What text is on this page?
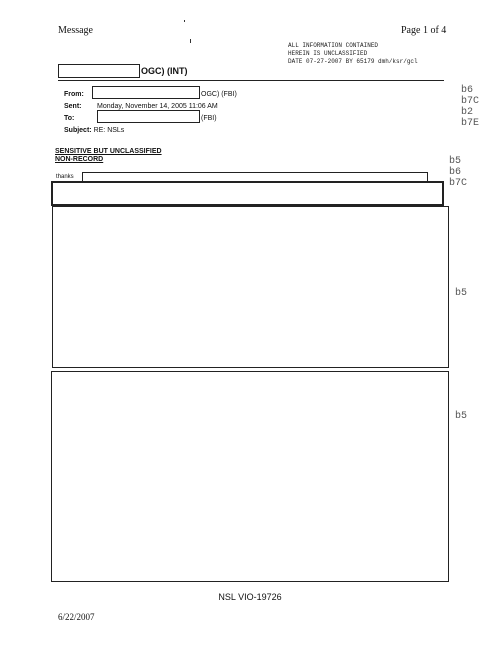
Message	Page 1 of 4
ALL INFORMATION CONTAINED
HEREIN IS UNCLASSIFIED
DATE 07-27-2007 BY 65179 dmh/ksr/gcl
OGC) (INT)
From:	OGC) (FBI)
Sent: Monday, November 14, 2005 11:06 AM
To:	(FBI)
Subject: RE: NSLs
SENSITIVE BUT UNCLASSIFIED
NON-RECORD
thanks
b6
b7C
b2
b7E
b5
b6
b7C
b5
b5
NSL VIO-19726
6/22/2007
